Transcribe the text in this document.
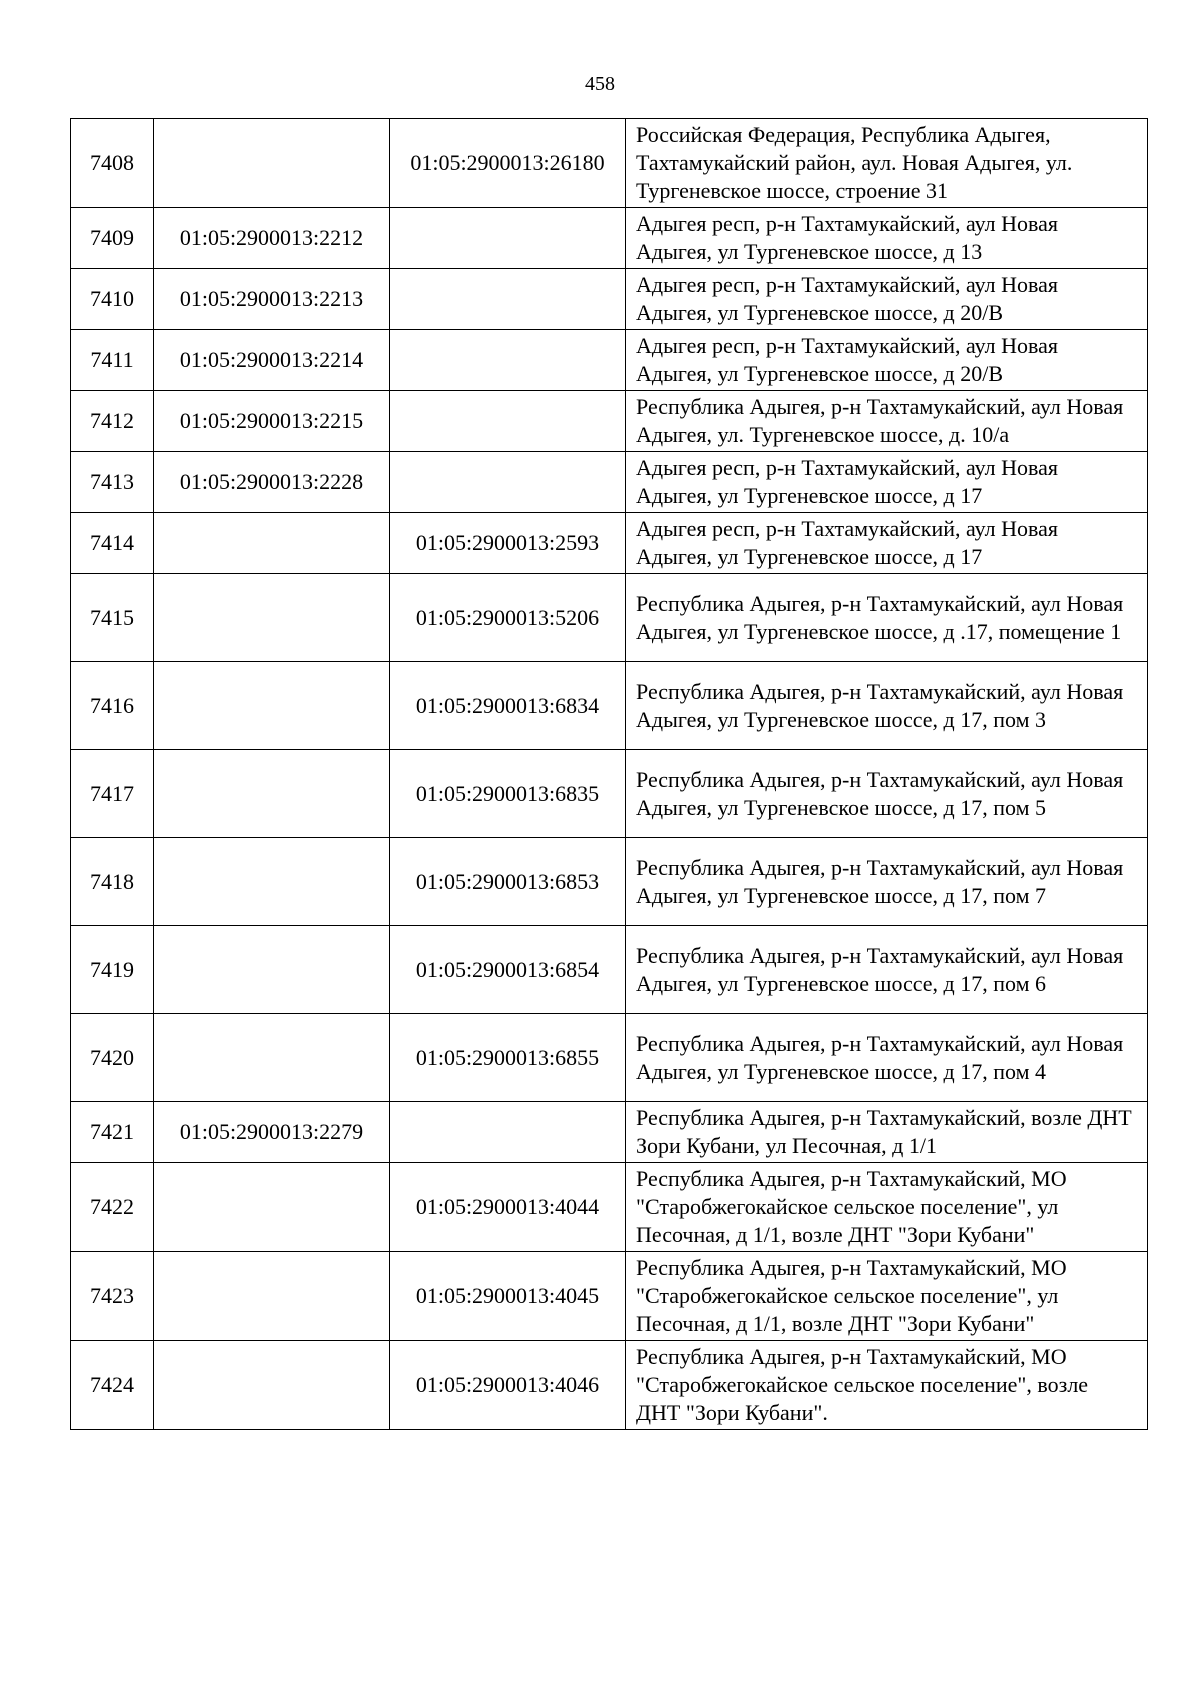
458
7408		01:05:2900013:26180	Российская Федерация, Республика Адыгея, Тахтамукайский район, аул. Новая Адыгея, ул. Тургеневское шоссе, строение 31
7409	01:05:2900013:2212		Адыгея респ, р-н Тахтамукайский, аул Новая Адыгея, ул Тургеневское шоссе, д 13
7410	01:05:2900013:2213		Адыгея респ, р-н Тахтамукайский, аул Новая Адыгея, ул Тургеневское шоссе, д 20/В
7411	01:05:2900013:2214		Адыгея респ, р-н Тахтамукайский, аул Новая Адыгея, ул Тургеневское шоссе, д 20/В
7412	01:05:2900013:2215		Республика Адыгея, р-н Тахтамукайский, аул Новая Адыгея, ул. Тургеневское шоссе, д. 10/а
7413	01:05:2900013:2228		Адыгея респ, р-н Тахтамукайский, аул Новая Адыгея, ул Тургеневское шоссе, д 17
7414		01:05:2900013:2593	Адыгея респ, р-н Тахтамукайский, аул Новая Адыгея, ул Тургеневское шоссе, д 17
7415		01:05:2900013:5206	Республика Адыгея, р-н Тахтамукайский, аул Новая Адыгея, ул Тургеневское шоссе, д .17, помещение 1
7416		01:05:2900013:6834	Республика Адыгея, р-н Тахтамукайский, аул Новая Адыгея, ул Тургеневское шоссе, д 17, пом 3
7417		01:05:2900013:6835	Республика Адыгея, р-н Тахтамукайский, аул Новая Адыгея, ул Тургеневское шоссе, д 17, пом 5
7418		01:05:2900013:6853	Республика Адыгея, р-н Тахтамукайский, аул Новая Адыгея, ул Тургеневское шоссе, д 17, пом 7
7419		01:05:2900013:6854	Республика Адыгея, р-н Тахтамукайский, аул Новая Адыгея, ул Тургеневское шоссе, д 17, пом 6
7420		01:05:2900013:6855	Республика Адыгея, р-н Тахтамукайский, аул Новая Адыгея, ул Тургеневское шоссе, д 17, пом 4
7421	01:05:2900013:2279		Республика Адыгея, р-н Тахтамукайский, возле ДНТ Зори Кубани, ул Песочная, д 1/1
7422		01:05:2900013:4044	Республика Адыгея, р-н Тахтамукайский, МО "Старобжегокайское сельское поселение", ул Песочная, д 1/1, возле ДНТ "Зори Кубани"
7423		01:05:2900013:4045	Республика Адыгея, р-н Тахтамукайский, МО "Старобжегокайское сельское поселение", ул Песочная, д 1/1, возле ДНТ "Зори Кубани"
7424		01:05:2900013:4046	Республика Адыгея, р-н Тахтамукайский, МО "Старобжегокайское сельское поселение", возле ДНТ "Зори Кубани".
